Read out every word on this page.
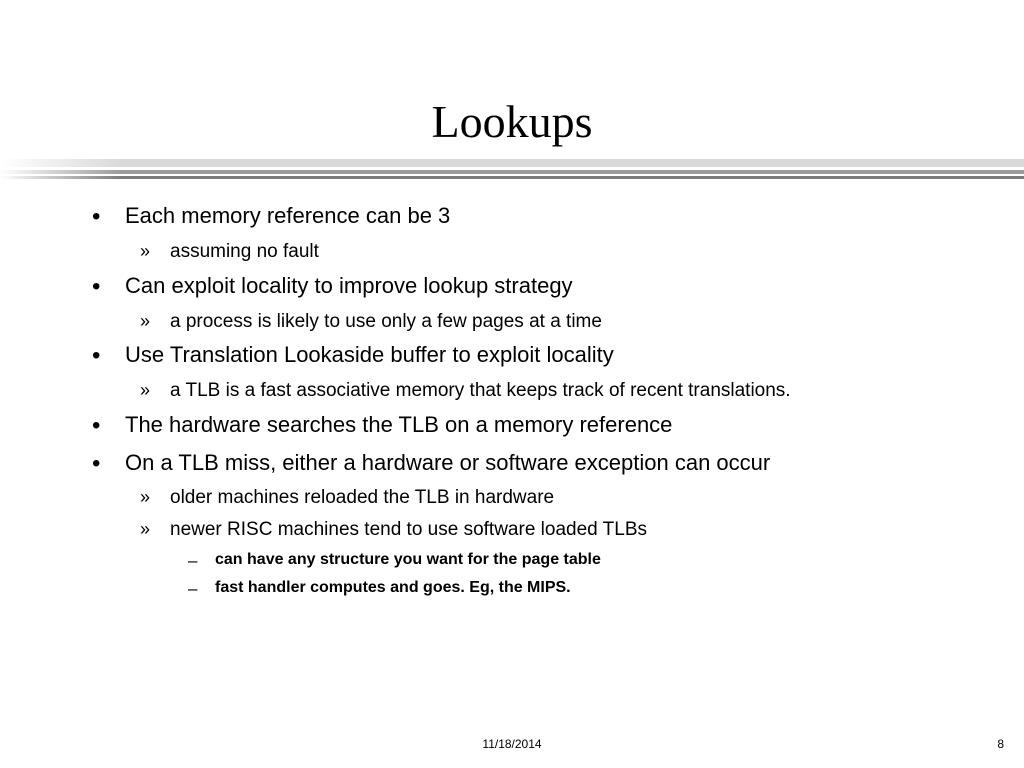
Lookups
• Each memory reference can be 3
» assuming no fault
• Can exploit locality to improve lookup strategy
» a process is likely to use only a few pages at a time
• Use Translation Lookaside buffer to exploit locality
» a TLB is a fast associative memory that keeps track of recent translations.
• The hardware searches the TLB on a memory reference
• On a TLB miss, either a hardware or software exception can occur
» older machines reloaded the TLB in hardware
» newer RISC machines tend to use software loaded TLBs
– can have any structure you want for the page table
– fast handler computes and goes. Eg, the MIPS.
11/18/2014	8
